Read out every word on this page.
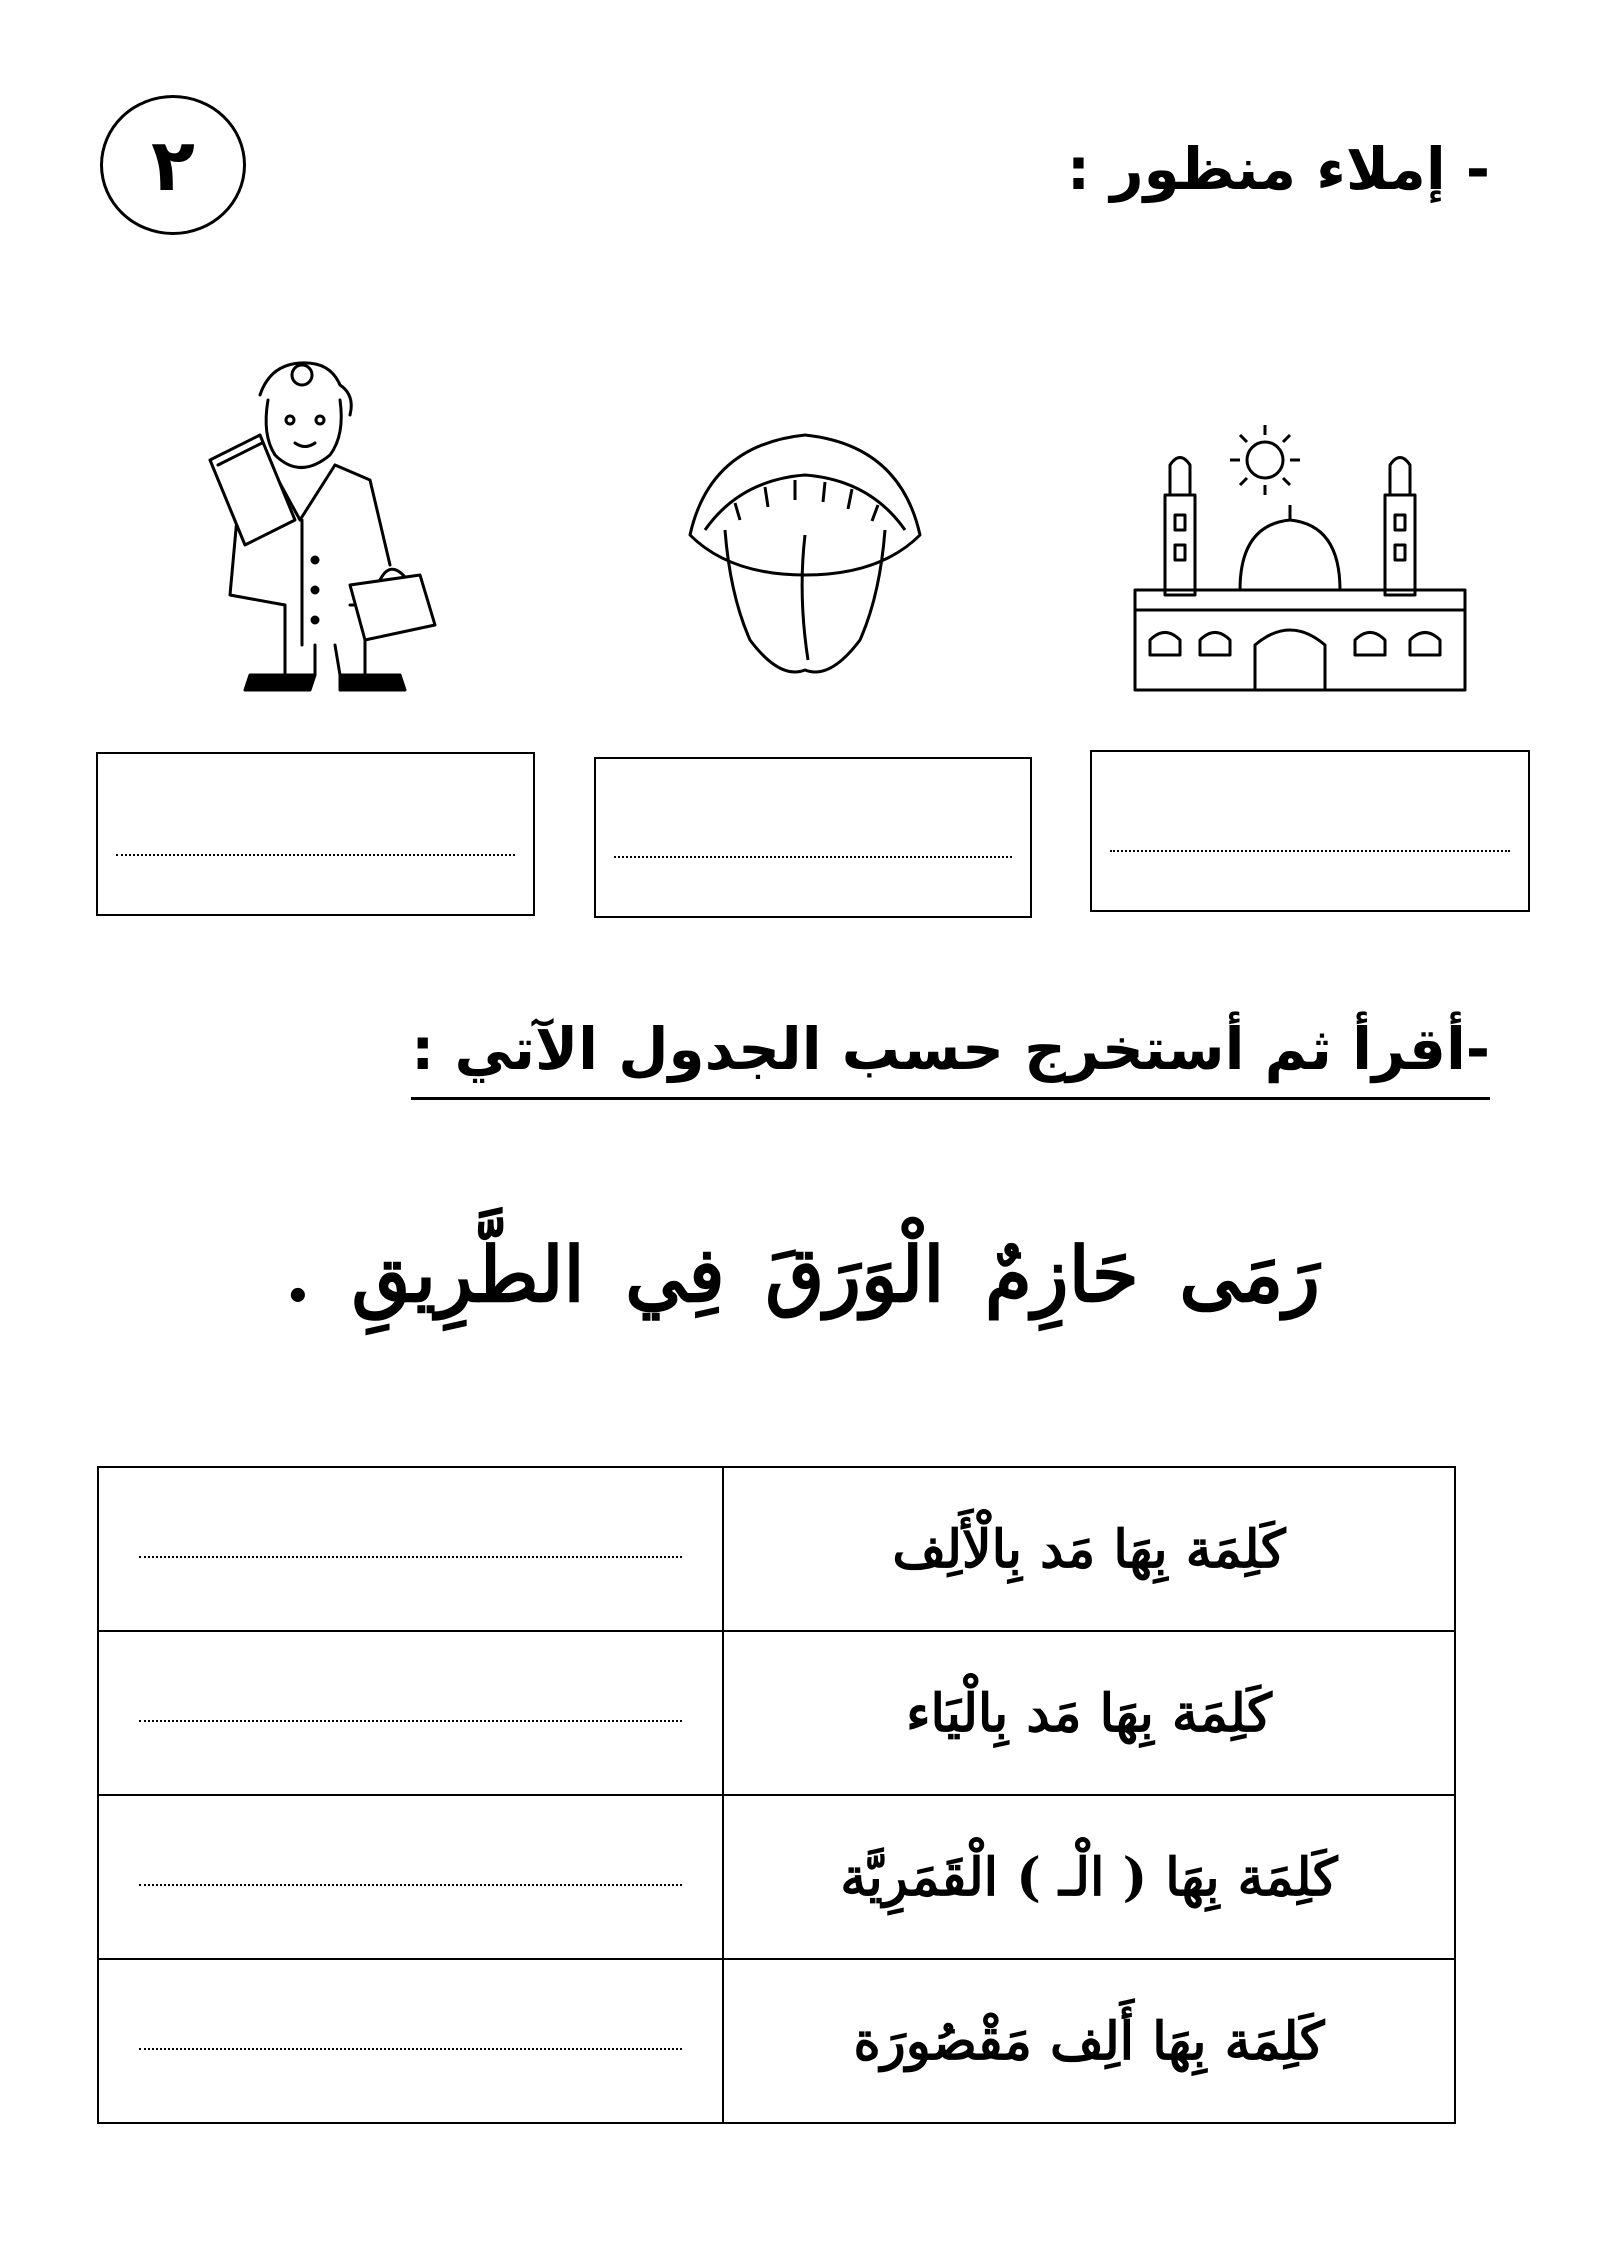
٢	- إملاء منظور :
-أقرأ ثم أستخرج حسب الجدول الآتي :
رَمَى حَازِمٌ الْوَرَقَ فِي الطَّرِيقِ .
كَلِمَة بِهَا مَد بِالْأَلِف	

كَلِمَة بِهَا مَد بِالْيَاء	

كَلِمَة بِهَا ( الْـ ) الْقَمَرِيَّة	

كَلِمَة بِهَا أَلِف مَقْصُورَة	
